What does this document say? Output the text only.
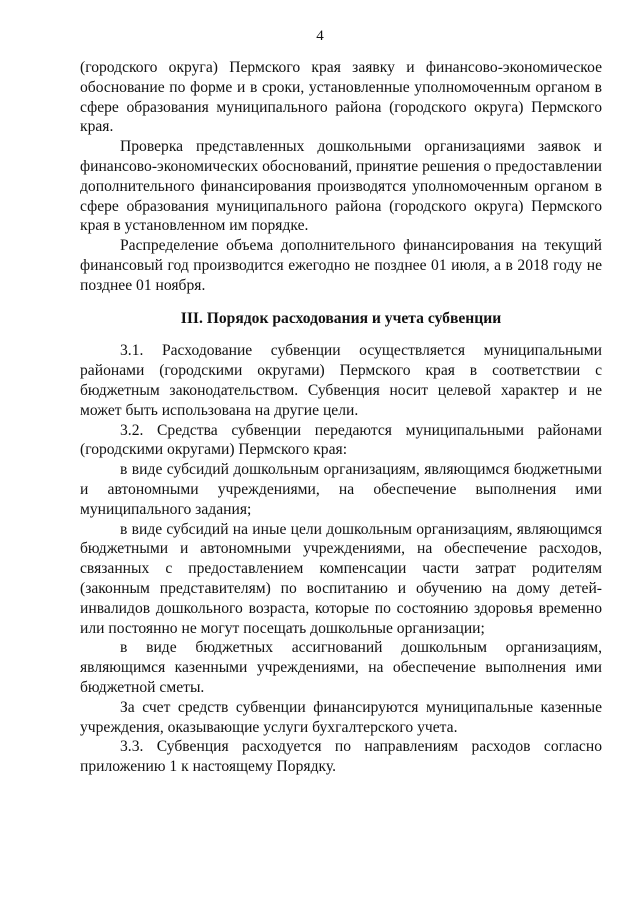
4

(городского округа) Пермского края заявку и финансово-экономическое обоснование по форме и в сроки, установленные уполномоченным органом в сфере образования муниципального района (городского округа) Пермского края.

Проверка представленных дошкольными организациями заявок и финансово-экономических обоснований, принятие решения о предоставлении дополнительного финансирования производятся уполномоченным органом в сфере образования муниципального района (городского округа) Пермского края в установленном им порядке.

Распределение объема дополнительного финансирования на текущий финансовый год производится ежегодно не позднее 01 июля, а в 2018 году не позднее 01 ноября.

III. Порядок расходования и учета субвенции

3.1. Расходование субвенции осуществляется муниципальными районами (городскими округами) Пермского края в соответствии с бюджетным законодательством. Субвенция носит целевой характер и не может быть использована на другие цели.

3.2. Средства субвенции передаются муниципальными районами (городскими округами) Пермского края:

в виде субсидий дошкольным организациям, являющимся бюджетными и автономными учреждениями, на обеспечение выполнения ими муниципального задания;

в виде субсидий на иные цели дошкольным организациям, являющимся бюджетными и автономными учреждениями, на обеспечение расходов, связанных с предоставлением компенсации части затрат родителям (законным представителям) по воспитанию и обучению на дому детей-инвалидов дошкольного возраста, которые по состоянию здоровья временно или постоянно не могут посещать дошкольные организации;

в виде бюджетных ассигнований дошкольным организациям, являющимся казенными учреждениями, на обеспечение выполнения ими бюджетной сметы.

За счет средств субвенции финансируются муниципальные казенные учреждения, оказывающие услуги бухгалтерского учета.

3.3. Субвенция расходуется по направлениям расходов согласно приложению 1 к настоящему Порядку.
